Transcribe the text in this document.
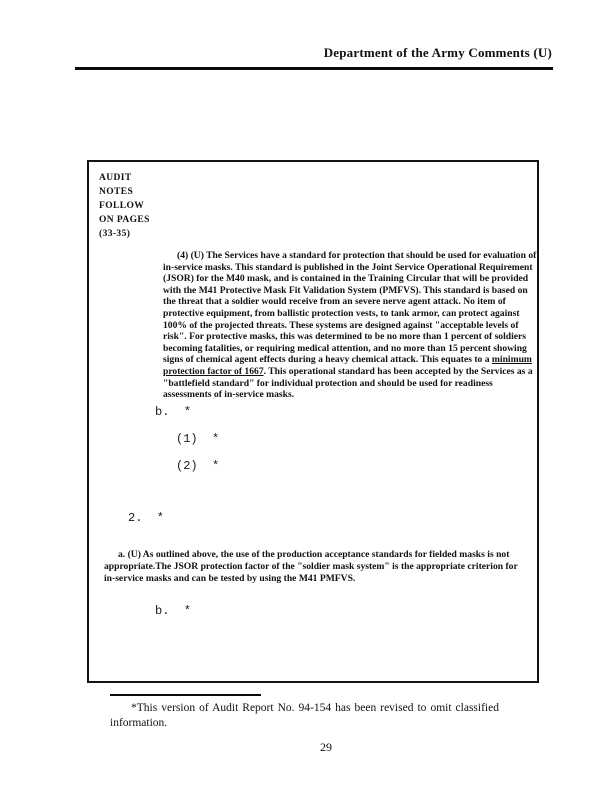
Department of the Army Comments (U)
AUDIT
NOTES
FOLLOW
ON PAGES
(33-35)

(4) (U) The Services have a standard for protection that should be used for evaluation of in-service masks. This standard is published in the Joint Service Operational Requirement (JSOR) for the M40 mask, and is contained in the Training Circular that will be provided with the M41 Protective Mask Fit Validation System (PMFVS). This standard is based on the threat that a soldier would receive from an severe nerve agent attack. No item of protective equipment, from ballistic protection vests, to tank armor, can protect against 100% of the projected threats. These systems are designed against "acceptable levels of risk". For protective masks, this was determined to be no more than 1 percent of soldiers becoming fatalities, or requiring medical attention, and no more than 15 percent showing signs of chemical agent effects during a heavy chemical attack. This equates to a minimum protection factor of 1667. This operational standard has been accepted by the Services as a "battlefield standard" for individual protection and should be used for readiness assessments of in-service masks.

b.  *
(1)  *
(2)  *
2.  *

a. (U) As outlined above, the use of the production acceptance standards for fielded masks is not appropriate.The JSOR protection factor of the "soldier mask system" is the appropriate criterion for in-service masks and can be tested by using the M41 PMFVS.

b.  *

*This version of Audit Report No. 94-154 has been revised to omit classified information.

29
